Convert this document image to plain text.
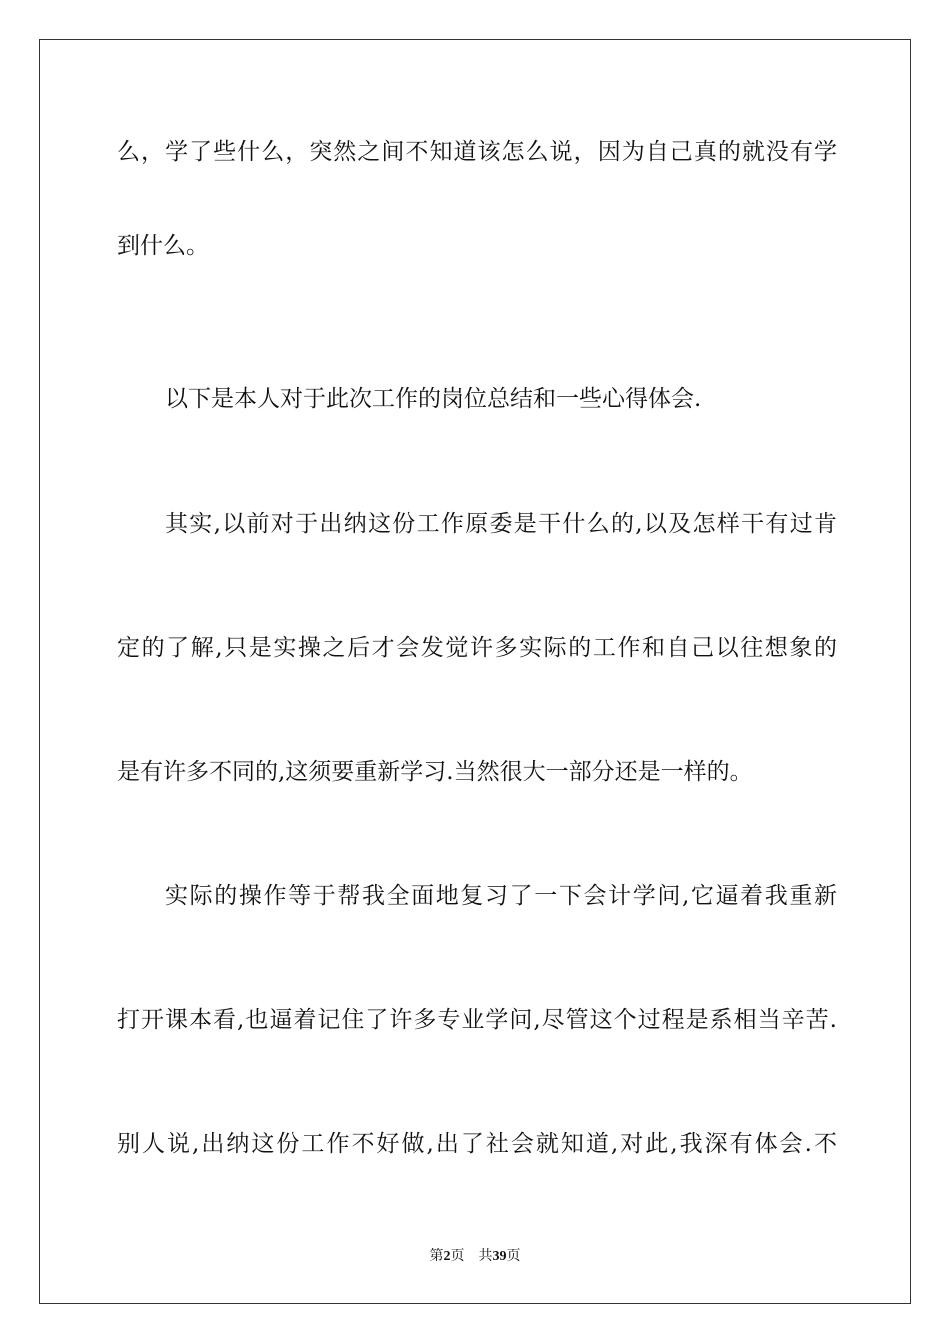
么，学了些什么，突然之间不知道该怎么说，因为自己真的就没有学
到什么。
以下是本人对于此次工作的岗位总结和一些心得体会.
其实,以前对于出纳这份工作原委是干什么的,以及怎样干有过肯
定的了解,只是实操之后才会发觉许多实际的工作和自己以往想象的
是有许多不同的,这须要重新学习.当然很大一部分还是一样的。
实际的操作等于帮我全面地复习了一下会计学问,它逼着我重新
打开课本看,也逼着记住了许多专业学问,尽管这个过程是系相当辛苦.
别人说,出纳这份工作不好做,出了社会就知道,对此,我深有体会.不
第2页 共39页
